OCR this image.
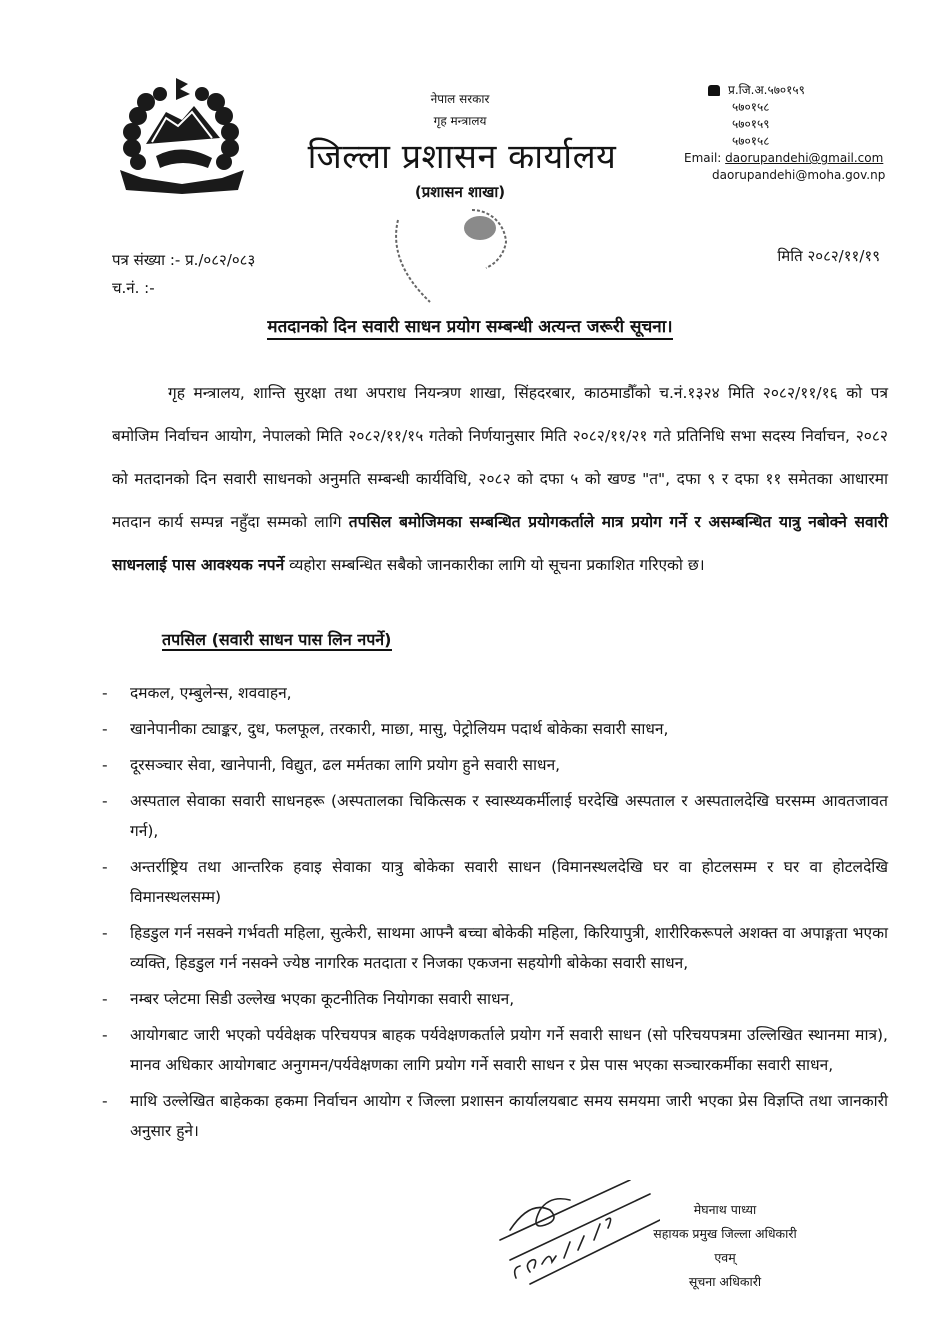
नेपाल सरकार
गृह मन्त्रालय
जिल्ला प्रशासन कार्यालय
(प्रशासन शाखा)
प्र.जि.अ.५७०१५९
५७०१५८
५७०१५९
५७०१५८
Email: daorupandehi@gmail.com
daorupandehi@moha.gov.np
पत्र संख्या :- प्र./०८२/०८३
च.नं. :-
मिति २०८२/११/१९
मतदानको दिन सवारी साधन प्रयोग सम्बन्धी अत्यन्त जरूरी सूचना।

गृह मन्त्रालय, शान्ति सुरक्षा तथा अपराध नियन्त्रण शाखा, सिंहदरबार, काठमाडौँको च.नं.१३२४ मिति २०८२/११/१६ को पत्र बमोजिम निर्वाचन आयोग, नेपालको मिति २०८२/११/१५ गतेको निर्णयानुसार मिति २०८२/११/२१ गते प्रतिनिधि सभा सदस्य निर्वाचन, २०८२ को मतदानको दिन सवारी साधनको अनुमति सम्बन्धी कार्यविधि, २०८२ को दफा ५ को खण्ड "त", दफा ९ र दफा ११ समेतका आधारमा मतदान कार्य सम्पन्न नहुँदा सम्मको लागि तपसिल बमोजिमका सम्बन्धित प्रयोगकर्ताले मात्र प्रयोग गर्ने र असम्बन्धित यात्रु नबोक्ने सवारी साधनलाई पास आवश्यक नपर्ने व्यहोरा सम्बन्धित सबैको जानकारीका लागि यो सूचना प्रकाशित गरिएको छ।

तपसिल (सवारी साधन पास लिन नपर्ने)
- दमकल, एम्बुलेन्स, शववाहन,
- खानेपानीका ट्याङ्कर, दुध, फलफूल, तरकारी, माछा, मासु, पेट्रोलियम पदार्थ बोकेका सवारी साधन,
- दूरसञ्चार सेवा, खानेपानी, विद्युत, ढल मर्मतका लागि प्रयोग हुने सवारी साधन,
- अस्पताल सेवाका सवारी साधनहरू (अस्पतालका चिकित्सक र स्वास्थ्यकर्मीलाई घरदेखि अस्पताल र अस्पतालदेखि घरसम्म आवतजावत गर्न),
- अन्तर्राष्ट्रिय तथा आन्तरिक हवाइ सेवाका यात्रु बोकेका सवारी साधन (विमानस्थलदेखि घर वा होटलसम्म र घर वा होटलदेखि विमानस्थलसम्म)
- हिडडुल गर्न नसक्ने गर्भवती महिला, सुत्केरी, साथमा आफ्नै बच्चा बोकेकी महिला, किरियापुत्री, शारीरिकरूपले अशक्त वा अपाङ्गता भएका व्यक्ति, हिडडुल गर्न नसक्ने ज्येष्ठ नागरिक मतदाता र निजका एकजना सहयोगी बोकेका सवारी साधन,
- नम्बर प्लेटमा सिडी उल्लेख भएका कूटनीतिक नियोगका सवारी साधन,
- आयोगबाट जारी भएको पर्यवेक्षक परिचयपत्र बाहक पर्यवेक्षणकर्ताले प्रयोग गर्ने सवारी साधन (सो परिचयपत्रमा उल्लिखित स्थानमा मात्र), मानव अधिकार आयोगबाट अनुगमन/पर्यवेक्षणका लागि प्रयोग गर्ने सवारी साधन र प्रेस पास भएका सञ्चारकर्मीका सवारी साधन,
- माथि उल्लेखित बाहेकका हकमा निर्वाचन आयोग र जिल्ला प्रशासन कार्यालयबाट समय समयमा जारी भएका प्रेस विज्ञप्ति तथा जानकारी अनुसार हुने।
मेघनाथ पाध्या
सहायक प्रमुख जिल्ला अधिकारी
एवम्
सूचना अधिकारी
